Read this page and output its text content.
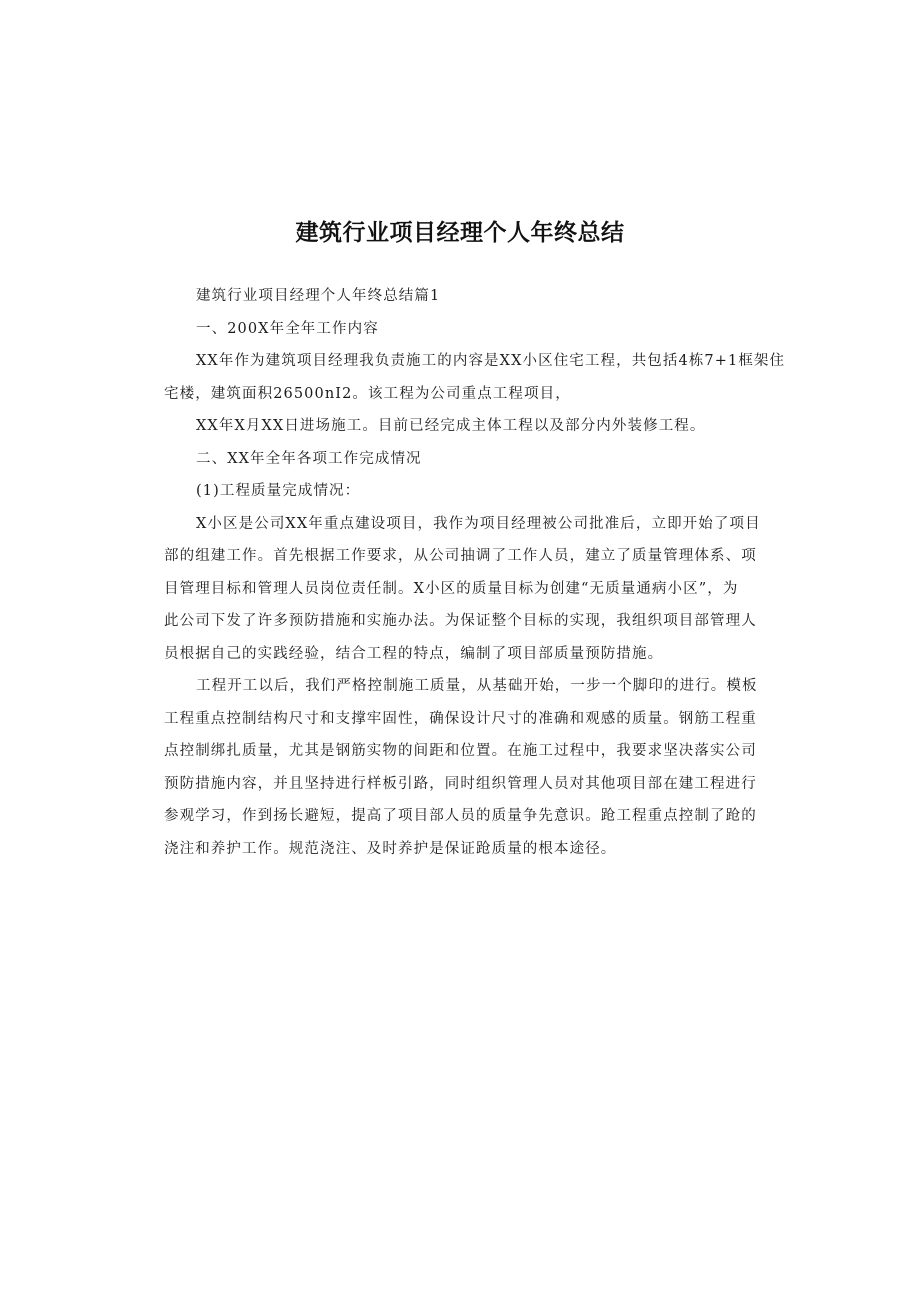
建筑行业项目经理个人年终总结

建筑行业项目经理个人年终总结篇1

一、200X年全年工作内容

XX年作为建筑项目经理我负责施工的内容是XX小区住宅工程，共包括4栋7+1框架住

宅楼，建筑面积26500nI2。该工程为公司重点工程项目，

XX年X月XX日进场施工。目前已经完成主体工程以及部分内外装修工程。

二、XX年全年各项工作完成情况

(1)工程质量完成情况：

X小区是公司XX年重点建设项目，我作为项目经理被公司批准后，立即开始了项目

部的组建工作。首先根据工作要求，从公司抽调了工作人员，建立了质量管理体系、项

目管理目标和管理人员岗位责任制。X小区的质量目标为创建“无质量通病小区”，为

此公司下发了许多预防措施和实施办法。为保证整个目标的实现，我组织项目部管理人

员根据自己的实践经验，结合工程的特点，编制了项目部质量预防措施。

工程开工以后，我们严格控制施工质量，从基础开始，一步一个脚印的进行。模板

工程重点控制结构尺寸和支撑牢固性，确保设计尺寸的准确和观感的质量。钢筋工程重

点控制绑扎质量，尤其是钢筋实物的间距和位置。在施工过程中，我要求坚决落实公司

预防措施内容，并且坚持进行样板引路，同时组织管理人员对其他项目部在建工程进行

参观学习，作到扬长避短，提高了项目部人员的质量争先意识。跄工程重点控制了跄的

浇注和养护工作。规范浇注、及时养护是保证跄质量的根本途径。
